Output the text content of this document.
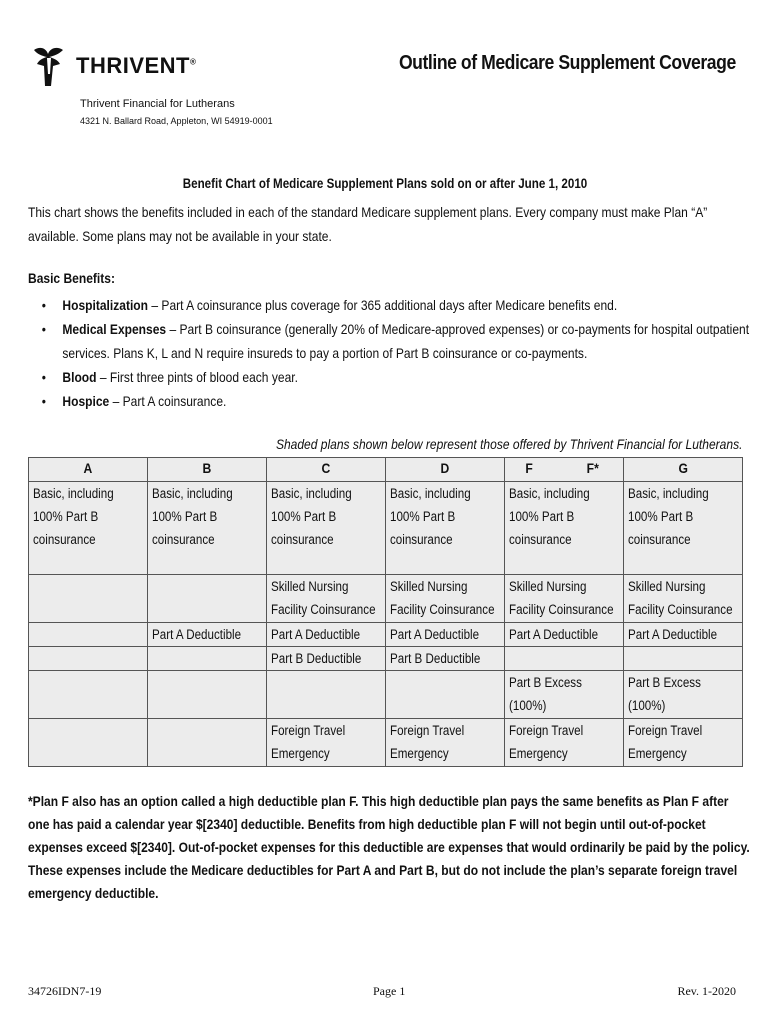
THRIVENT®
Thrivent Financial for Lutherans
4321 N. Ballard Road, Appleton, WI 54919-0001
Outline of Medicare Supplement Coverage
Benefit Chart of Medicare Supplement Plans sold on or after June 1, 2010
This chart shows the benefits included in each of the standard Medicare supplement plans. Every company must make Plan “A” available. Some plans may not be available in your state.
Basic Benefits:
• Hospitalization – Part A coinsurance plus coverage for 365 additional days after Medicare benefits end.
• Medical Expenses – Part B coinsurance (generally 20% of Medicare-approved expenses) or co-payments for hospital outpatient services. Plans K, L and N require insureds to pay a portion of Part B coinsurance or co-payments.
• Blood – First three pints of blood each year.
• Hospice – Part A coinsurance.
Shaded plans shown below represent those offered by Thrivent Financial for Lutherans.
A	B	C	D	F F*	G

Basic, including
100% Part B
coinsurance	Basic, including
100% Part B
coinsurance	Basic, including
100% Part B
coinsurance	Basic, including
100% Part B
coinsurance	Basic, including
100% Part B
coinsurance	Basic, including
100% Part B
coinsurance

		Skilled Nursing
Facility Coinsurance	Skilled Nursing
Facility Coinsurance	Skilled Nursing
Facility Coinsurance	Skilled Nursing
Facility Coinsurance

	Part A Deductible	Part A Deductible	Part A Deductible	Part A Deductible	Part A Deductible

		Part B Deductible	Part B Deductible		

				Part B Excess
(100%)	Part B Excess
(100%)

		Foreign Travel
Emergency	Foreign Travel
Emergency	Foreign Travel
Emergency	Foreign Travel
Emergency
*Plan F also has an option called a high deductible plan F. This high deductible plan pays the same benefits as Plan F after one has paid a calendar year $[2340] deductible. Benefits from high deductible plan F will not begin until out-of-pocket expenses exceed $[2340]. Out-of-pocket expenses for this deductible are expenses that would ordinarily be paid by the policy. These expenses include the Medicare deductibles for Part A and Part B, but do not include the plan’s separate foreign travel emergency deductible.
34726IDN7-19	Page 1	Rev. 1-2020
